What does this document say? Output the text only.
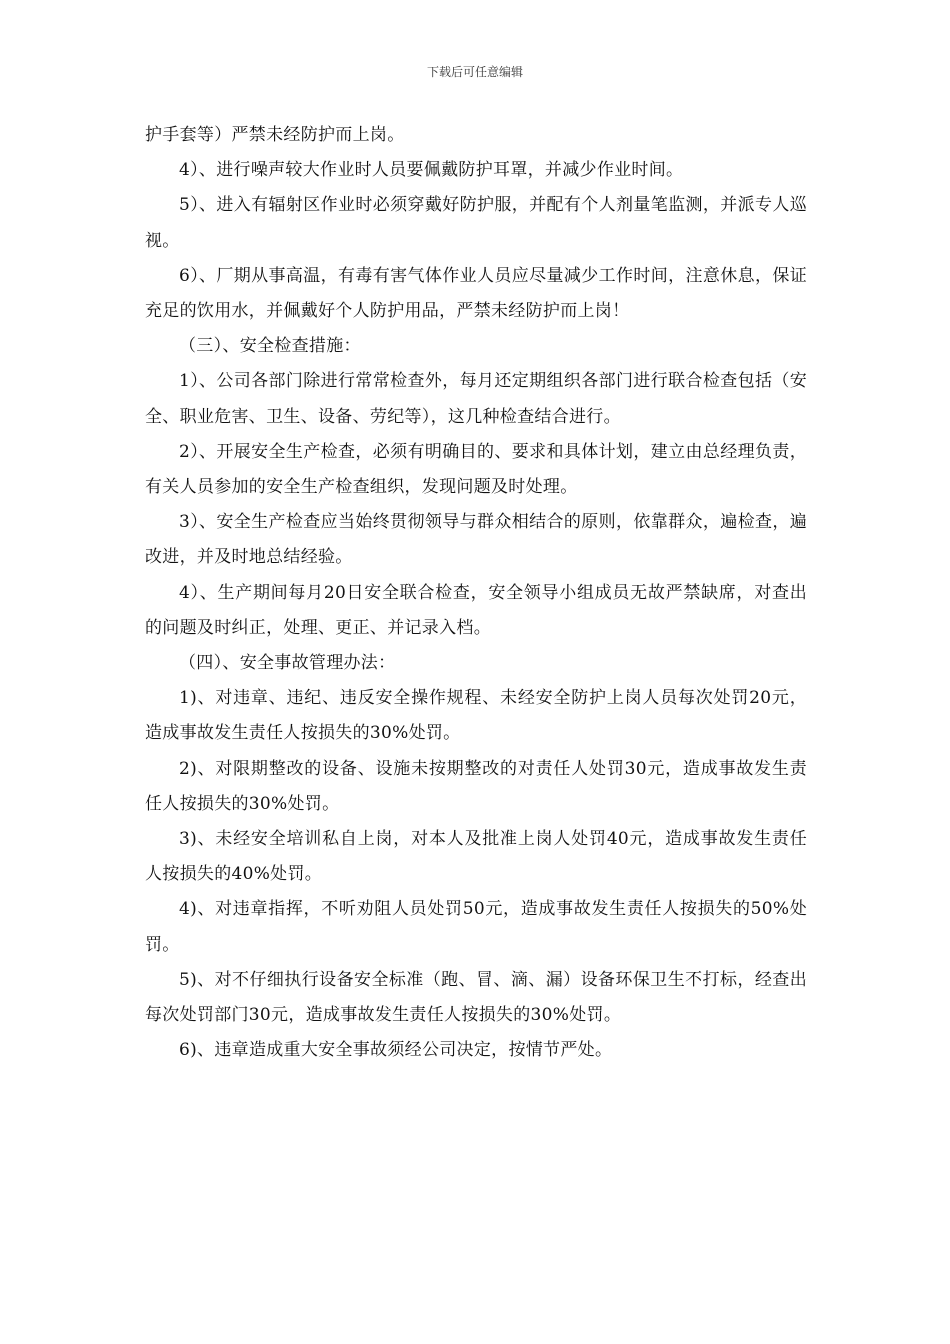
下载后可任意编辑

护手套等）严禁未经防护而上岗。

4）、进行噪声较大作业时人员要佩戴防护耳罩，并减少作业时间。

5）、进入有辐射区作业时必须穿戴好防护服，并配有个人剂量笔监测，并派专人巡视。

6）、厂期从事高温，有毒有害气体作业人员应尽量减少工作时间，注意休息，保证充足的饮用水，并佩戴好个人防护用品，严禁未经防护而上岗！

（三）、安全检查措施：

1）、公司各部门除进行常常检查外，每月还定期组织各部门进行联合检查包括（安全、职业危害、卫生、设备、劳纪等），这几种检查结合进行。

2）、开展安全生产检查，必须有明确目的、要求和具体计划，建立由总经理负责，有关人员参加的安全生产检查组织，发现问题及时处理。

3）、安全生产检查应当始终贯彻领导与群众相结合的原则，依靠群众，遍检查，遍改进，并及时地总结经验。

4）、生产期间每月20日安全联合检查，安全领导小组成员无故严禁缺席，对查出的问题及时纠正，处理、更正、并记录入档。

（四）、安全事故管理办法：

1)、对违章、违纪、违反安全操作规程、未经安全防护上岗人员每次处罚20元，造成事故发生责任人按损失的30%处罚。

2)、对限期整改的设备、设施未按期整改的对责任人处罚30元，造成事故发生责任人按损失的30%处罚。

3)、未经安全培训私自上岗，对本人及批准上岗人处罚40元，造成事故发生责任人按损失的40%处罚。

4)、对违章指挥，不听劝阻人员处罚50元，造成事故发生责任人按损失的50%处罚。

5)、对不仔细执行设备安全标准（跑、冒、滴、漏）设备环保卫生不打标，经查出每次处罚部门30元，造成事故发生责任人按损失的30%处罚。

6)、违章造成重大安全事故须经公司决定，按情节严处。
